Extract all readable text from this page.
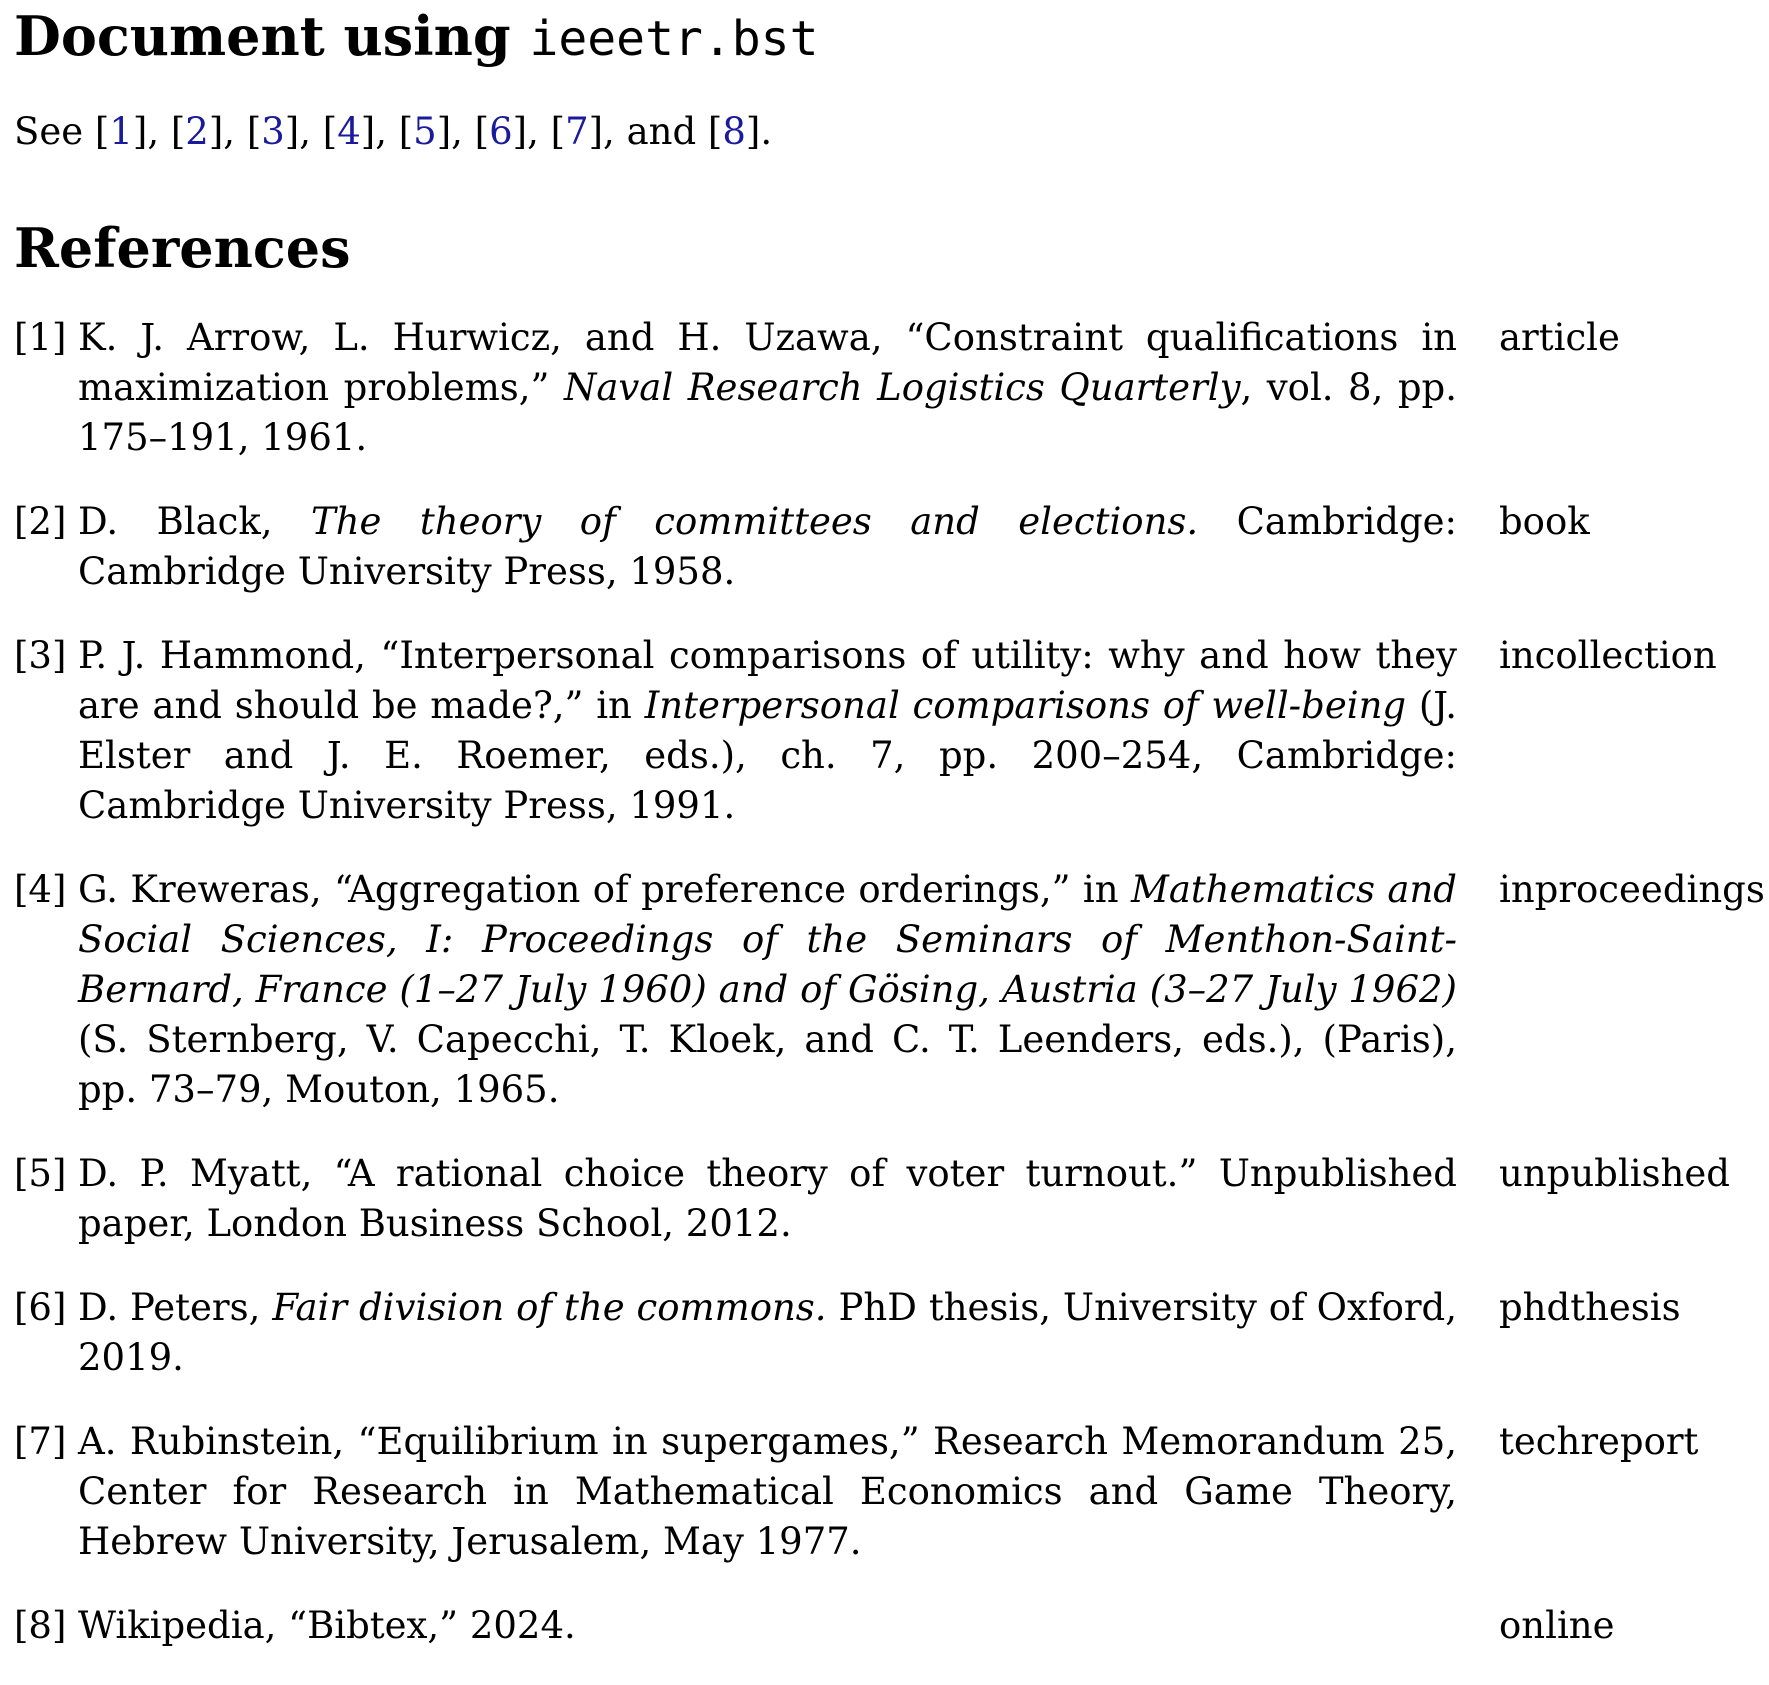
Document using ieeetr.bst
See [1], [2], [3], [4], [5], [6], [7], and [8].
References
[1] K. J. Arrow, L. Hurwicz, and H. Uzawa, “Constraint qualifications in maximization problems,” Naval Research Logistics Quarterly, vol. 8, pp. 175–191, 1961.
article
[2] D. Black, The theory of committees and elections. Cambridge: Cambridge University Press, 1958.
book
[3] P. J. Hammond, “Interpersonal comparisons of utility: why and how they are and should be made?,” in Interpersonal comparisons of well-being (J. Elster and J. E. Roemer, eds.), ch. 7, pp. 200–254, Cambridge: Cambridge University Press, 1991.
incollection
[4] G. Kreweras, “Aggregation of preference orderings,” in Mathematics and Social Sciences, I: Proceedings of the Seminars of Menthon-Saint-Bernard, France (1–27 July 1960) and of Gösing, Austria (3–27 July 1962) (S. Sternberg, V. Capecchi, T. Kloek, and C. T. Leenders, eds.), (Paris), pp. 73–79, Mouton, 1965.
inproceedings
[5] D. P. Myatt, “A rational choice theory of voter turnout.” Unpublished paper, London Business School, 2012.
unpublished
[6] D. Peters, Fair division of the commons. PhD thesis, University of Oxford, 2019.
phdthesis
[7] A. Rubinstein, “Equilibrium in supergames,” Research Memorandum 25, Center for Research in Mathematical Economics and Game Theory, Hebrew University, Jerusalem, May 1977.
techreport
[8] Wikipedia, “Bibtex,” 2024.	online
